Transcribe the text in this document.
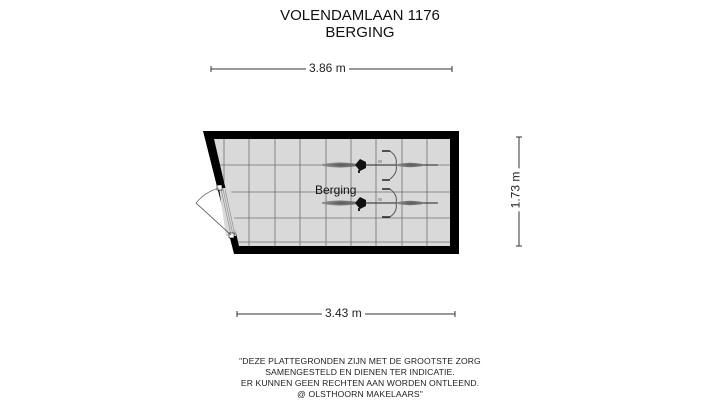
VOLENDAMLAAN 1176
BERGING
3.86 m
3.43 m
1.73 m
Berging
"DEZE PLATTEGRONDEN ZIJN MET DE GROOTSTE ZORG
SAMENGESTELD EN DIENEN TER INDICATIE.
ER KUNNEN GEEN RECHTEN AAN WORDEN ONTLEEND.
@ OLSTHOORN MAKELAARS"
